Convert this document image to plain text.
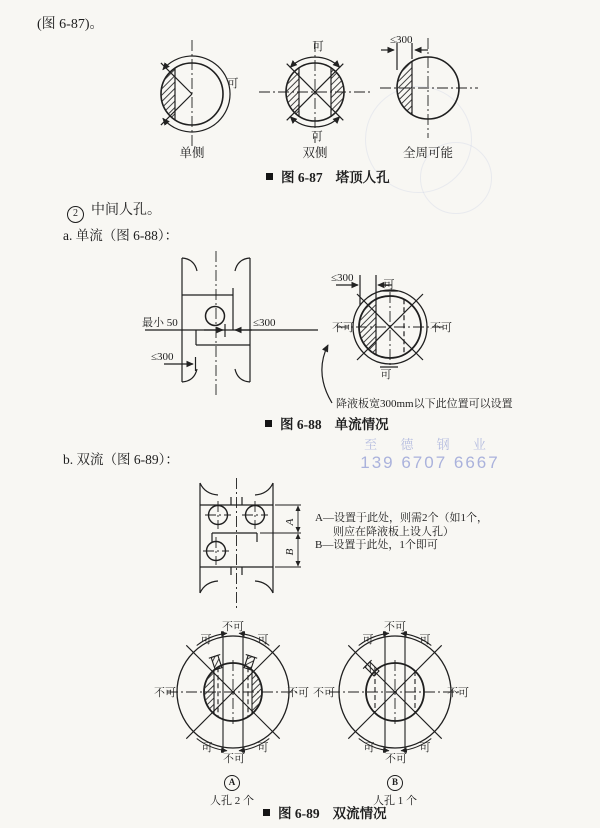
(图 6-87)。
可
单侧
可
可
双侧
≤300
全周可能
图 6-87 塔顶人孔
2 中间人孔。
a. 单流（图 6-88）：
最小 50	≤300
≤300
≤300
可
不可	不可
可
降液板宽300mm以下此位置可以设置
图 6-88 单流情况
b. 双流（图 6-89）：
至 德 钢 业
139 6707 6667
A
B
A—设置于此处，则需2个（如1个，
则应在降液板上设人孔）
B—设置于此处，1个即可
不可
可	可
不可	不可
可	可
不可
不可
可	可
不可	不可
可	可
不可
A
人孔 2 个
B
人孔 1 个
图 6-89 双流情况
